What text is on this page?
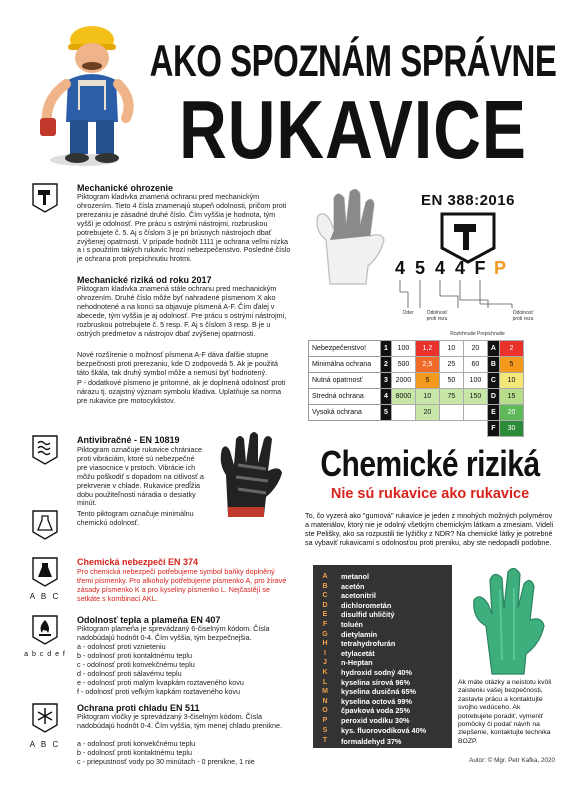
AKO SPOZNÁM SPRÁVNE
RUKAVICE
Mechanické ohrozenie
Piktogram kladivka znamená ochranu pred mechanickým ohrozením. Tieto 4 čísla znamenajú stupeň odolnosti, pričom proti prerezaniu je zásadné druhé číslo. Čím vyššia je hodnota, tým vyšší je odolnosť. Pre prácu s ostrými nástrojmi, rozbruskou potrebujete č. 5. Aj s číslom 3 je pri brúsnych nástrojoch dbať zvýšenej opatrnosti. V prípade hodnôt 1111 je ochrana veľmi nízka a i s použitím takých rukavíc hrozí nebezpečenstvo. Posledné číslo je ochrana proti prepichnutiu hrotmi.
Mechanické riziká od roku 2017
Piktogram kladivka znamená stále ochranu pred mechanickým ohrozením. Druhé číslo môže byť nahradené písmenom X ako nehodnotené a na konci sa objavuje písmená A-F. Čím ďalej v abecede, tým vyššia je aj odolnosť. Pre prácu s ostrými nástrojmi, rozbruskou potrebujete č. 5 resp. F. Aj s číslom 3 resp. B je u ostrých predmetov a nástrojov dbať zvýšenej opatrnosti.
Nové rozšírenie o možnosť písmena A-F dáva ďalšie stupne bezpečnosti proti prerezaniu, kde D zodpovedá 5. Ak je použitá táto škála, tak druhý symbol môže a nemusí byť hodnotený.
P - dodatkové písmeno je prítomné, ak je doplnená odolnosť proti nárazu tj. ozajstný význam symbolu kladiva. Uplatňuje sa norma pre rukavice pre motocyklistov.
Antivibračné - EN 10819
Piktogram označuje rukavice chrániace proti vibráciám, ktoré sú nebezpečné pre viasocnice v prstoch. Vibrácie ich môžu poškodiť s dopadom na citlivosť a prekrvenie v chlade. Rukavice predĺžia dobu použiteľnosti náradia o desiatky minút.
Tento piktogram označuje minimálnu chemickú odolnosť.
A B C
Chemická nebezpečí EN 374
Pro chemická nebezpečí potřebujeme symbol baňky doplněný třemi písmenky. Pro alkoholy potřebujeme písmenko A, pro žíravé zásady písmenko K a pro kyseliny písmenko L. Nejčastějí se setkáte s kombinací AKL.
a b c d e f
Odolnosť tepla a plameňa EN 407
Piktogram plameňa je sprevádzaný 6-čiselným kódom. Čísla nadobúdajú hodnôt 0-4. Čím vyššia, tým bezpečnejšia.
a - odolnosť proti vznieteniu
b - odolnosť proti kontaktnému teplu
c - odolnosť proti konvekčnému teplu
d - odolnosť proti sálavému teplu
e - odolnosť proti malým kvapkám roztaveného kovu
f - odolnosť proti veľkým kapkám roztaveného kovu
A B C
Ochrana proti chladu EN 511
Piktogram vločky je sprevádzaný 3-čiselným kódom. Čísla nadobúdajú hodnôt 0-4. Čím vyššia, tým menej chladu prenikne.
a - odolnosť proti konvekčnému teplu
b - odolnosť proti kontaktnému teplu
c - priepustnosť vody po 30 minútach - 0 preniknе, 1 nie
EN 388:2016
4 5 4 4 F P
Oder	Odolnosť proti rezu
Roztrhnutie Prepichnutie
Odolnosť proti rezu
Nebezpečenstvo!	1	100	1,2	10	20	A	2
Minimálna ochrana	2	500	2,5	25	60	B	5
Nutná opatrnosť	3	2000	5	50	100	C	10
Stredná ochrana	4	8000	10	75	150	D	15
Vysoká ochrana	5		20			E	20
						F	30
Chemické riziká
Nie sú rukavice ako rukavice
To, čo vyzerá ako "gumová" rukavice je jeden z mnohých možných polymérov a materiálov, ktorý nie je odolný všetkým chemickým látkam a zmesiam. Videli ste Pelišky, ako sa rozpustili tie lyžičky z NDR? Na chemické látky je potrebné sa vybaviť rukavicami s odolnosťou proti preniku, aby ste nedopadli podobne.
A	metanol
B	acetón
C	acetonitril
D	dichlorometán
E	disulfid uhličitý
F	toluén
G	dietylamín
H	tetrahydrofurán
I	etylacetát
J	n-Heptan
K	hydroxid sodný 40%
L	kyselina sírová 96%
M	kyselina dusičná 65%
N	kyselina octová 99%
O	čpavková voda 25%
P	peroxid vodíku 30%
S	kys. fluorovodíková 40%
T	formaldehyd 37%
Ak máte otázky a neistotu kvôli zaisteniu vašej bezpečnosti, zastavte prácu a kontaktujte svojho vedúceho. Ak potrebujete poradiť, vymeniť pomôcky či podať návrh na zlepšenie, kontaktujte technika BOZP.
Autor: © Mgr. Petr Kafka, 2020
